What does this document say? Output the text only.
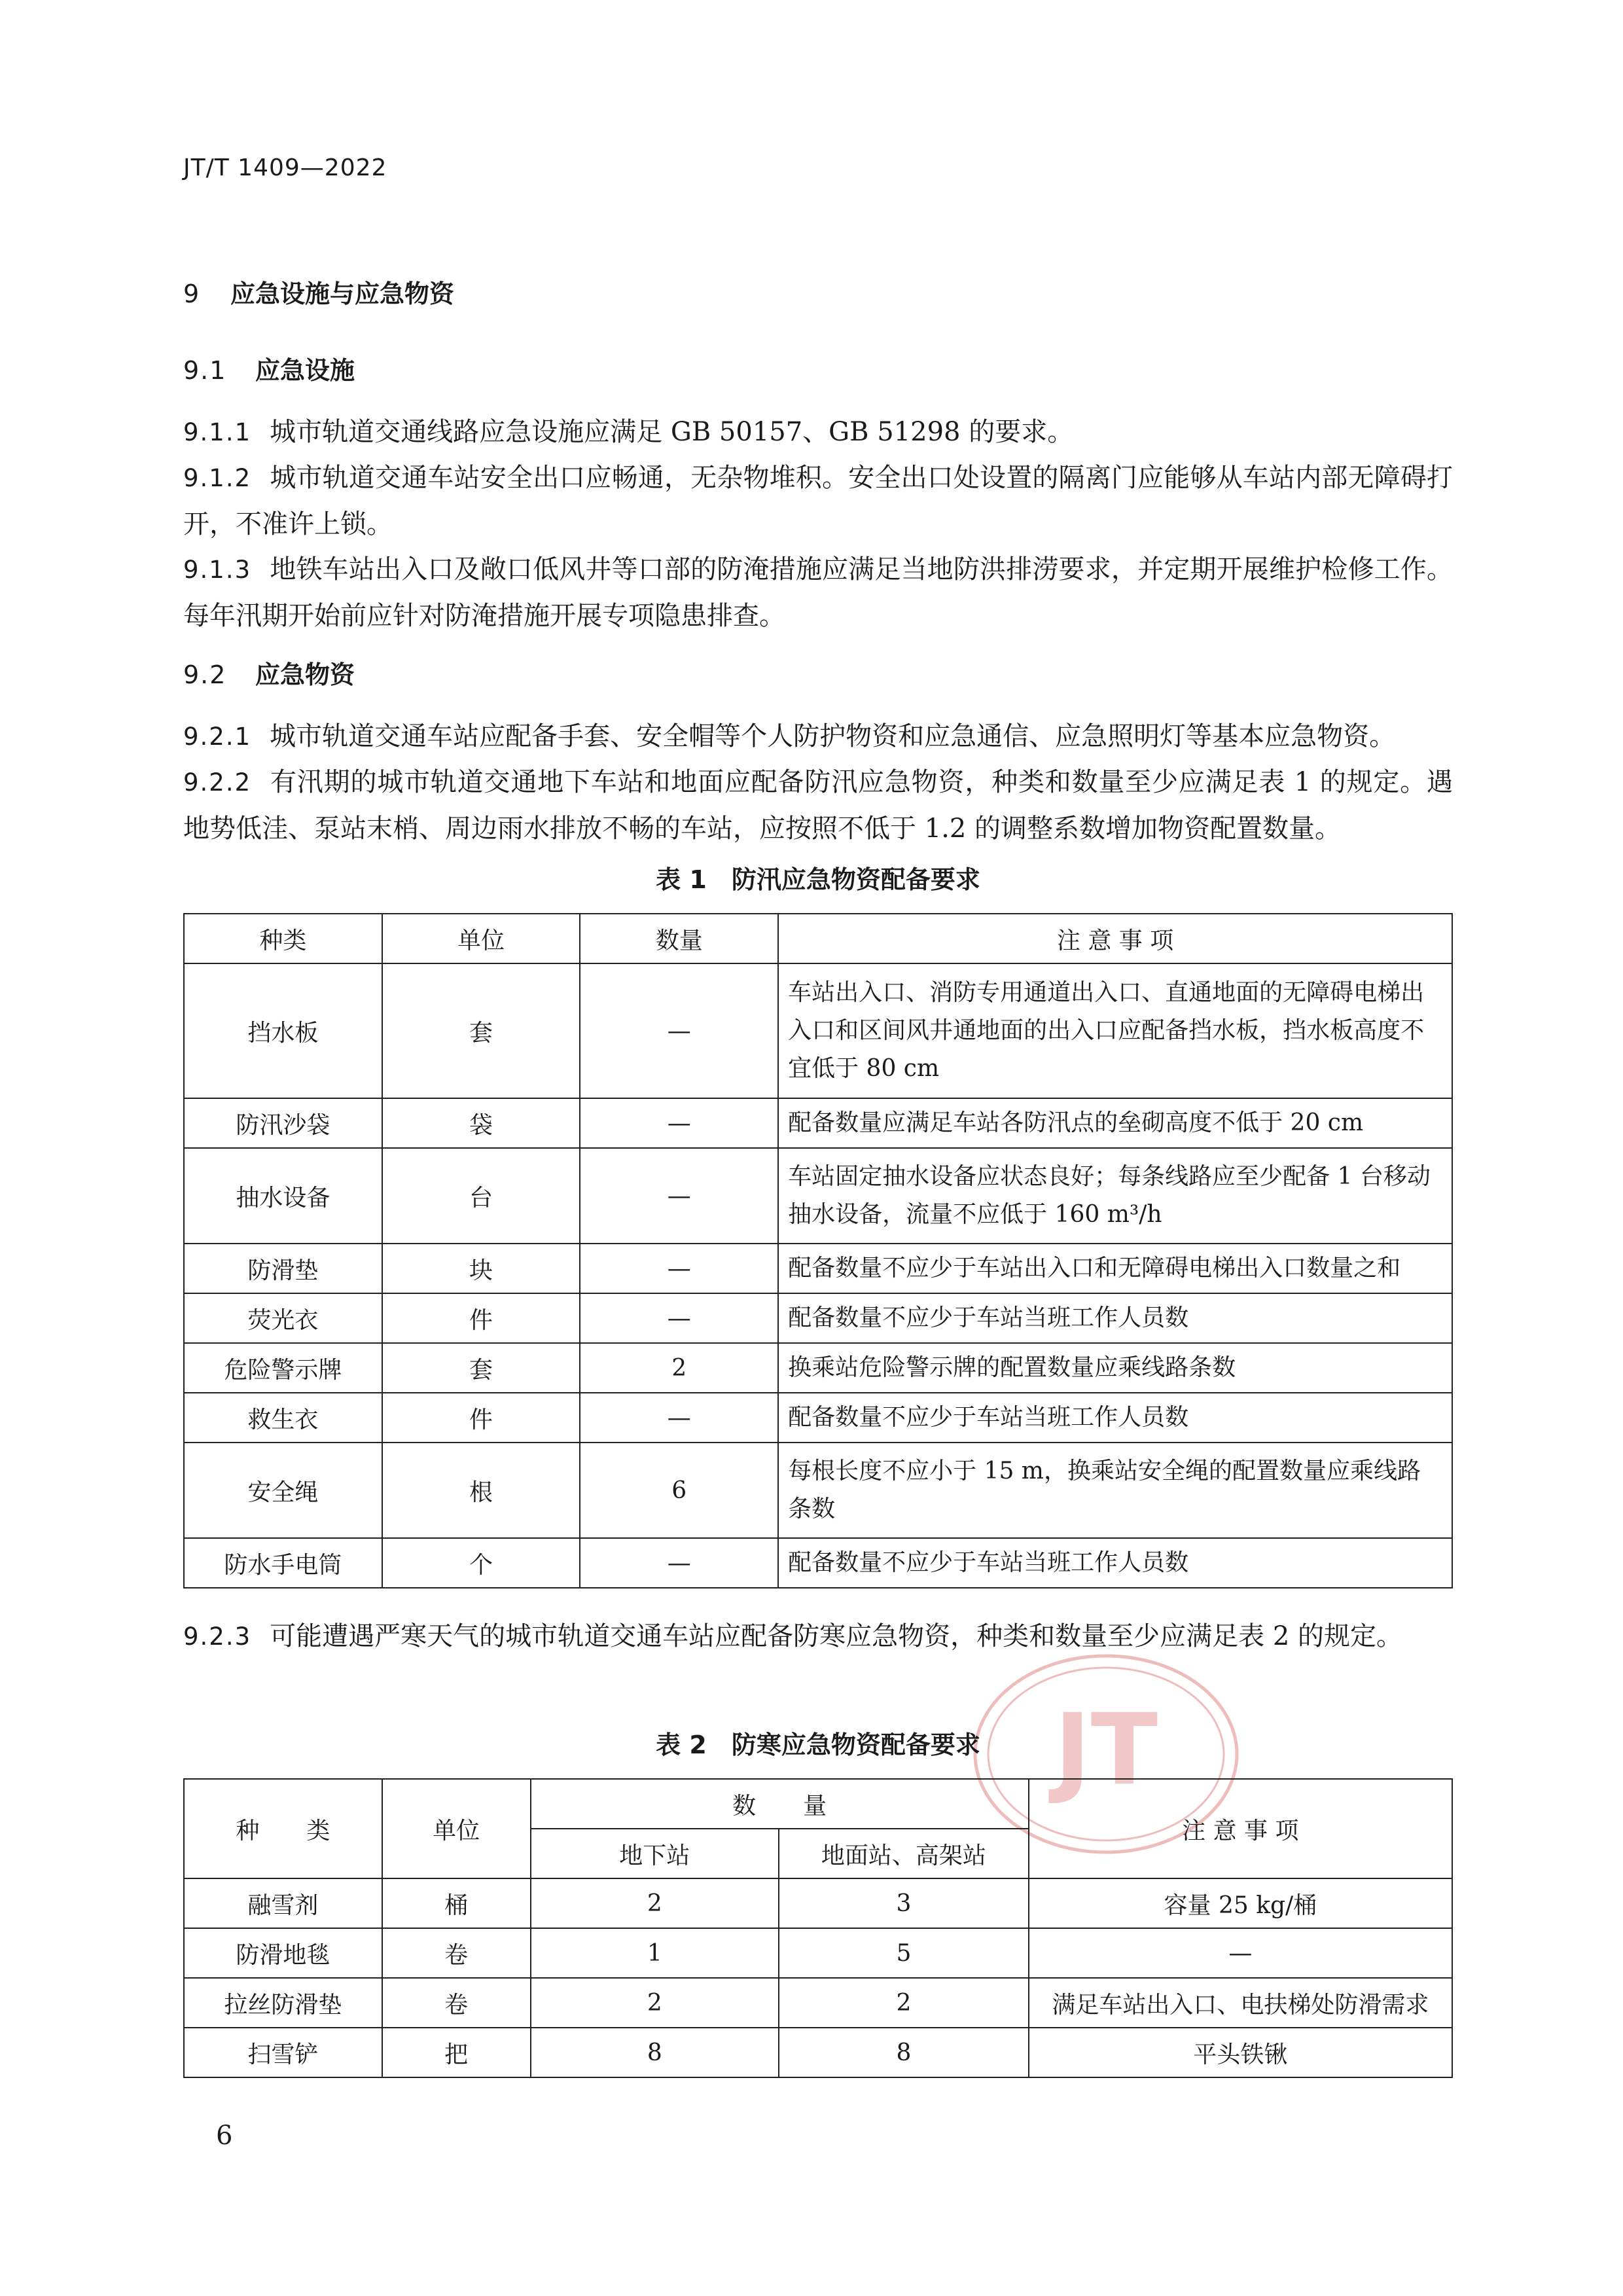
JT/T 1409—2022
9 应急设施与应急物资
9.1 应急设施
9.1.1 城市轨道交通线路应急设施应满足 GB 50157、GB 51298 的要求。
9.1.2 城市轨道交通车站安全出口应畅通，无杂物堆积。安全出口处设置的隔离门应能够从车站内部无障碍打开，不准许上锁。
9.1.3 地铁车站出入口及敞口低风井等口部的防淹措施应满足当地防洪排涝要求，并定期开展维护检修工作。每年汛期开始前应针对防淹措施开展专项隐患排查。
9.2 应急物资
9.2.1 城市轨道交通车站应配备手套、安全帽等个人防护物资和应急通信、应急照明灯等基本应急物资。
9.2.2 有汛期的城市轨道交通地下车站和地面应配备防汛应急物资，种类和数量至少应满足表 1 的规定。遇地势低洼、泵站末梢、周边雨水排放不畅的车站，应按照不低于 1.2 的调整系数增加物资配置数量。
表 1　防汛应急物资配备要求
种类	单位	数量	注 意 事 项
挡水板	套	—	车站出入口、消防专用通道出入口、直通地面的无障碍电梯出入口和区间风井通地面的出入口应配备挡水板，挡水板高度不宜低于 80 cm
防汛沙袋	袋	—	配备数量应满足车站各防汛点的垒砌高度不低于 20 cm
抽水设备	台	—	车站固定抽水设备应状态良好；每条线路应至少配备 1 台移动抽水设备，流量不应低于 160 m³/h
防滑垫	块	—	配备数量不应少于车站出入口和无障碍电梯出入口数量之和
荧光衣	件	—	配备数量不应少于车站当班工作人员数
危险警示牌	套	2	换乘站危险警示牌的配置数量应乘线路条数
救生衣	件	—	配备数量不应少于车站当班工作人员数
安全绳	根	6	每根长度不应小于 15 m，换乘站安全绳的配置数量应乘线路条数
防水手电筒	个	—	配备数量不应少于车站当班工作人员数
9.2.3 可能遭遇严寒天气的城市轨道交通车站应配备防寒应急物资，种类和数量至少应满足表 2 的规定。
JT
表 2　防寒应急物资配备要求
种　　类	单位	数　　量		注 意 事 项
		地下站	地面站、高架站	
融雪剂	桶	2	3	容量 25 kg/桶
防滑地毯	卷	1	5	—
拉丝防滑垫	卷	2	2	满足车站出入口、电扶梯处防滑需求
扫雪铲	把	8	8	平头铁锹
6
